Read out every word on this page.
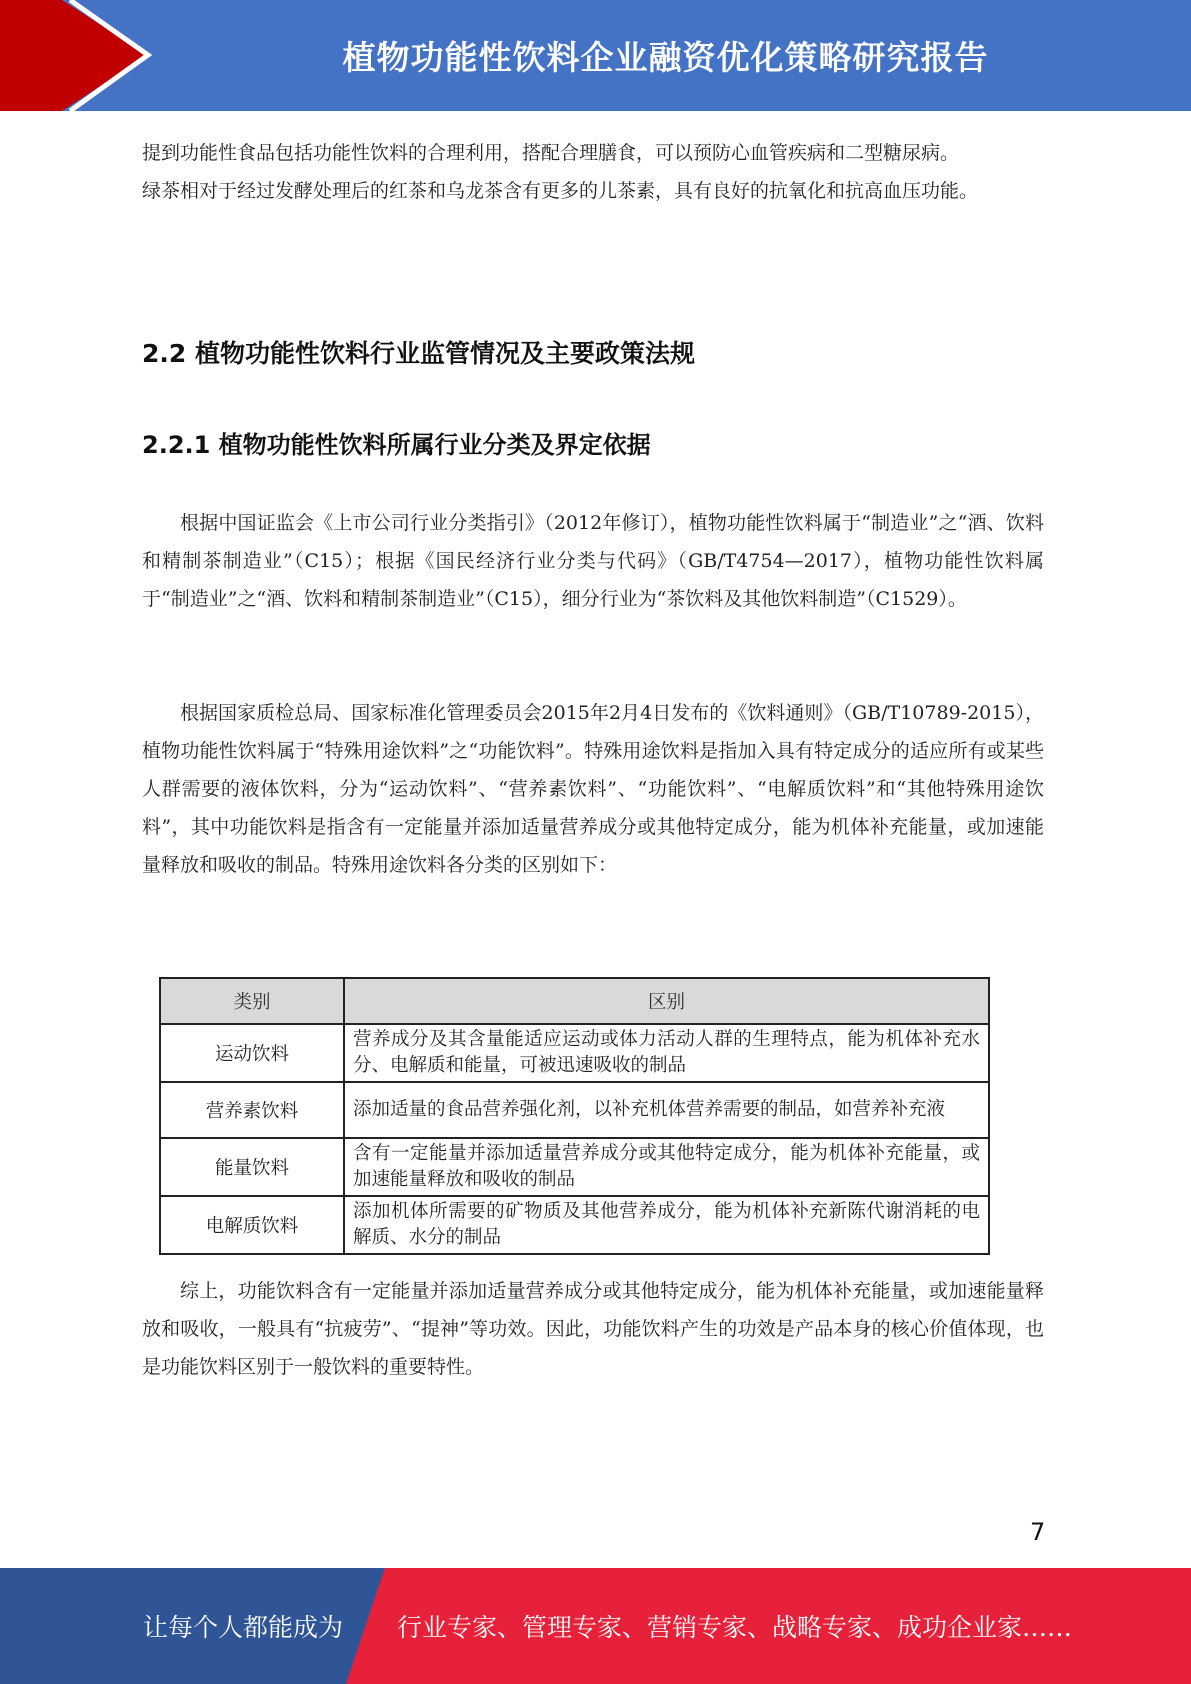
植物功能性饮料企业融资优化策略研究报告

提到功能性食品包括功能性饮料的合理利用，搭配合理膳食，可以预防心血管疾病和二型糖尿病。

绿茶相对于经过发酵处理后的红茶和乌龙茶含有更多的儿茶素，具有良好的抗氧化和抗高血压功能。

2.2 植物功能性饮料行业监管情况及主要政策法规
2.2.1 植物功能性饮料所属行业分类及界定依据

根据中国证监会《上市公司行业分类指引》（2012年修订），植物功能性饮料属于“制造业”之“酒、饮料和精制茶制造业”（C15）；根据《国民经济行业分类与代码》（GB/T4754—2017），植物功能性饮料属于“制造业”之“酒、饮料和精制茶制造业”（C15），细分行业为“茶饮料及其他饮料制造”（C1529）。

根据国家质检总局、国家标准化管理委员会2015年2月4日发布的《饮料通则》（GB/T10789-2015），植物功能性饮料属于“特殊用途饮料”之“功能饮料”。特殊用途饮料是指加入具有特定成分的适应所有或某些人群需要的液体饮料，分为“运动饮料”、“营养素饮料”、“功能饮料”、“电解质饮料”和“其他特殊用途饮料”，其中功能饮料是指含有一定能量并添加适量营养成分或其他特定成分，能为机体补充能量，或加速能量释放和吸收的制品。特殊用途饮料各分类的区别如下：

类别	区别
运动饮料	营养成分及其含量能适应运动或体力活动人群的生理特点，能为机体补充水分、电解质和能量，可被迅速吸收的制品
营养素饮料	添加适量的食品营养强化剂，以补充机体营养需要的制品，如营养补充液
能量饮料	含有一定能量并添加适量营养成分或其他特定成分，能为机体补充能量，或加速能量释放和吸收的制品
电解质饮料	添加机体所需要的矿物质及其他营养成分，能为机体补充新陈代谢消耗的电解质、水分的制品

综上，功能饮料含有一定能量并添加适量营养成分或其他特定成分，能为机体补充能量，或加速能量释放和吸收，一般具有“抗疲劳”、“提神”等功效。因此，功能饮料产生的功效是产品本身的核心价值体现，也是功能饮料区别于一般饮料的重要特性。

7
让每个人都能成为 行业专家、管理专家、营销专家、战略专家、成功企业家……
